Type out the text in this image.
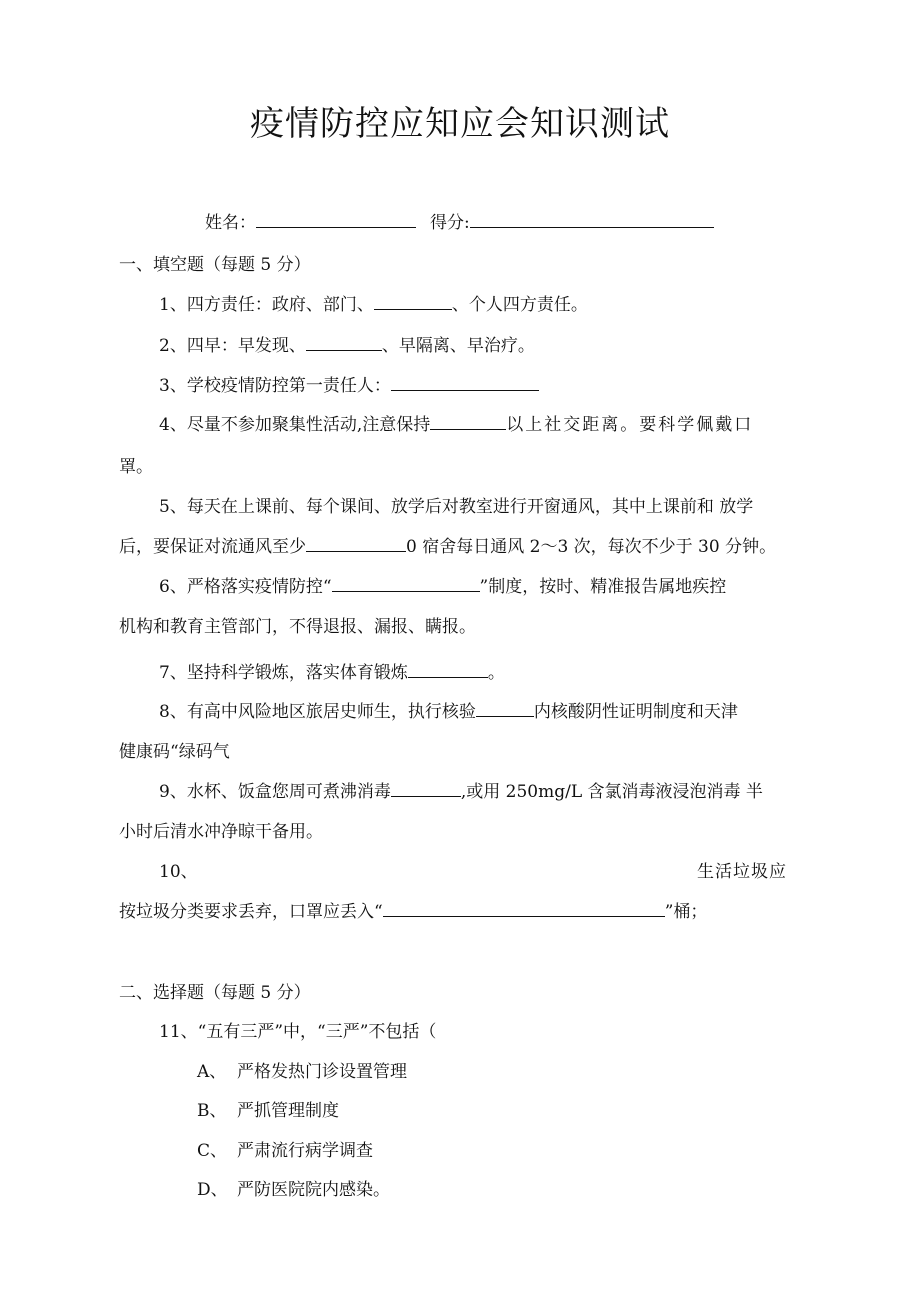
疫情防控应知应会知识测试
姓名：	得分:
一、填空题（每题 5 分）
1、四方责任：政府、部门、	、个人四方责任。
2、四早：早发现、	、早隔离、早治疗。
3、学校疫情防控第一责任人：
4、尽量不参加聚集性活动,注意保持	以上社交距离。要科学佩戴口
罩。
5、每天在上课前、每个课间、放学后对教室进行开窗通风，其中上课前和 放学
后，要保证对流通风至少	0 宿舍每日通风 2～3 次，每次不少于 30 分钟。
6、严格落实疫情防控“	”制度，按时、精准报告属地疾控
机构和教育主管部门，不得退报、漏报、瞒报。
7、坚持科学锻炼，落实体育锻炼	。
8、有高中风险地区旅居史师生，执行核验	内核酸阴性证明制度和天津
健康码“绿码气
9、水杯、饭盒您周可煮沸消毒	,或用 250mg/L 含氯消毒液浸泡消毒 半
小时后清水冲净晾干备用。
10、	生活垃圾应
按垃圾分类要求丢弃，口罩应丢入“	”桶；
二、选择题（每题 5 分）
11、“五有三严”中，“三严”不包括（
A、 严格发热门诊设置管理
B、 严抓管理制度
C、 严肃流行病学调查
D、 严防医院院内感染。
